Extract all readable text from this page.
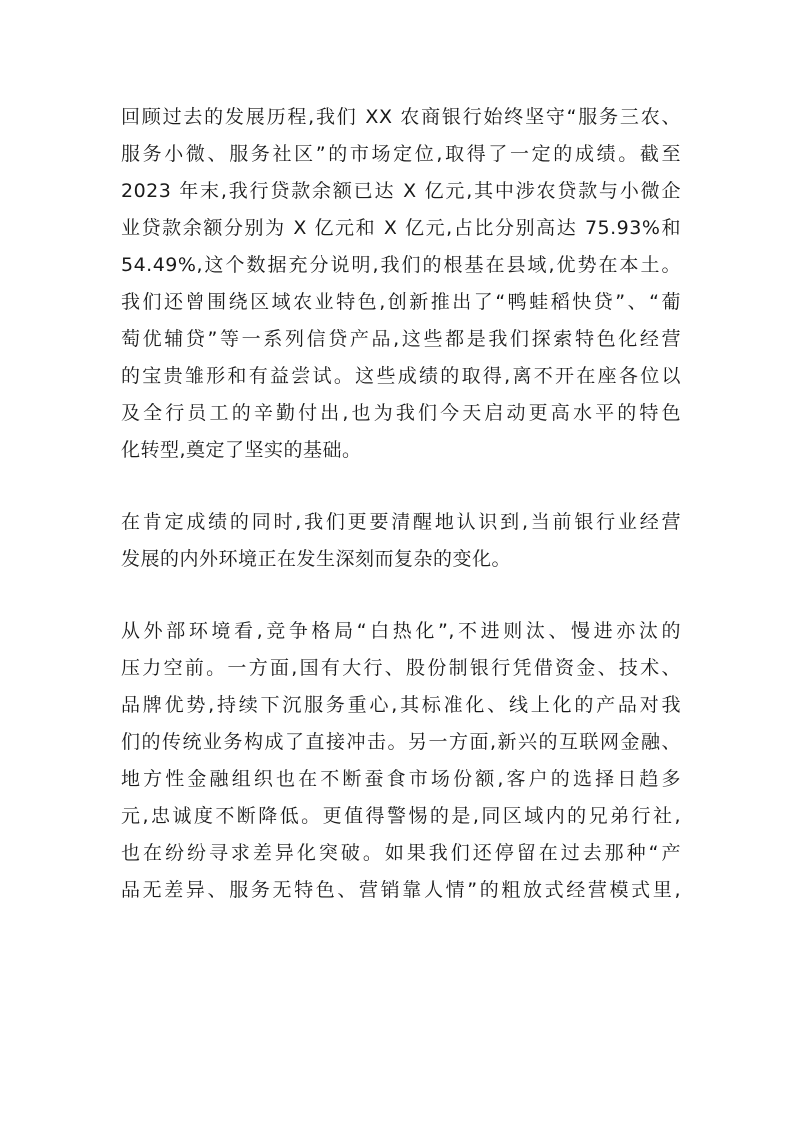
回顾过去的发展历程,我们 XX 农商银行始终坚守“服务三农、
服务小微、服务社区”的市场定位,取得了一定的成绩。截至
2023 年末,我行贷款余额已达 X 亿元,其中涉农贷款与小微企
业贷款余额分别为 X 亿元和 X 亿元,占比分别高达 75.93%和
54.49%,这个数据充分说明,我们的根基在县域,优势在本土。
我们还曾围绕区域农业特色,创新推出了“鸭蛙稻快贷”、“葡
萄优辅贷”等一系列信贷产品,这些都是我们探索特色化经营
的宝贵雏形和有益尝试。这些成绩的取得,离不开在座各位以
及全行员工的辛勤付出,也为我们今天启动更高水平的特色
化转型,奠定了坚实的基础。
在肯定成绩的同时,我们更要清醒地认识到,当前银行业经营
发展的内外环境正在发生深刻而复杂的变化。
从外部环境看,竞争格局“白热化”,不进则汰、慢进亦汰的
压力空前。一方面,国有大行、股份制银行凭借资金、技术、
品牌优势,持续下沉服务重心,其标准化、线上化的产品对我
们的传统业务构成了直接冲击。另一方面,新兴的互联网金融、
地方性金融组织也在不断蚕食市场份额,客户的选择日趋多
元,忠诚度不断降低。更值得警惕的是,同区域内的兄弟行社,
也在纷纷寻求差异化突破。如果我们还停留在过去那种“产
品无差异、服务无特色、营销靠人情”的粗放式经营模式里,
